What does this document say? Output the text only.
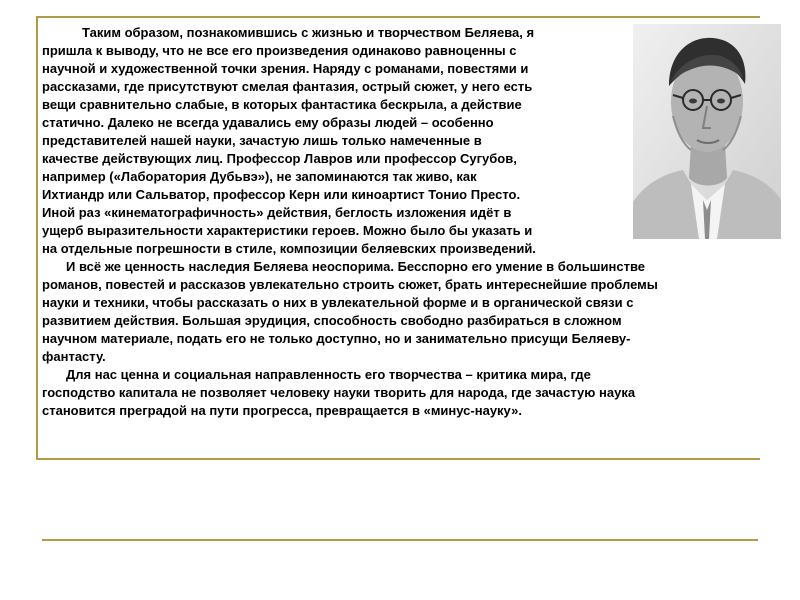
Таким образом, познакомившись с жизнью и творчеством Беляева, я
пришла к выводу, что не все его произведения одинаково равноценны с
научной и художественной точки зрения. Наряду с романами, повестями и
рассказами, где присутствуют смелая фантазия, острый сюжет, у него есть
вещи сравнительно слабые, в которых фантастика бескрыла, а действие
статично. Далеко не всегда удавались ему образы людей – особенно
представителей нашей науки, зачастую лишь только намеченные в
качестве действующих лиц. Профессор Лавров или профессор Сугубов,
например («Лаборатория Дубьвэ»), не запоминаются так живо, как
Ихтиандр или Сальватор, профессор Керн или киноартист Тонио Престо.
Иной раз «кинематографичность» действия, беглость изложения идёт в
ущерб выразительности характеристики героев. Можно было бы указать и
на отдельные погрешности в стиле, композиции беляевских произведений.
И всё же ценность наследия Беляева неоспорима. Бесспорно его умение в большинстве
романов, повестей и рассказов увлекательно строить сюжет, брать интереснейшие проблемы
науки и техники, чтобы рассказать о них в увлекательной форме и в органической связи с
развитием действия. Большая эрудиция, способность свободно разбираться в сложном
научном материале, подать его не только доступно, но и занимательно присущи Беляеву-
фантасту.
Для нас ценна и социальная направленность его творчества – критика мира, где
господство капитала не позволяет человеку науки творить для народа, где зачастую наука
становится преградой на пути прогресса, превращается в «минус-науку».
